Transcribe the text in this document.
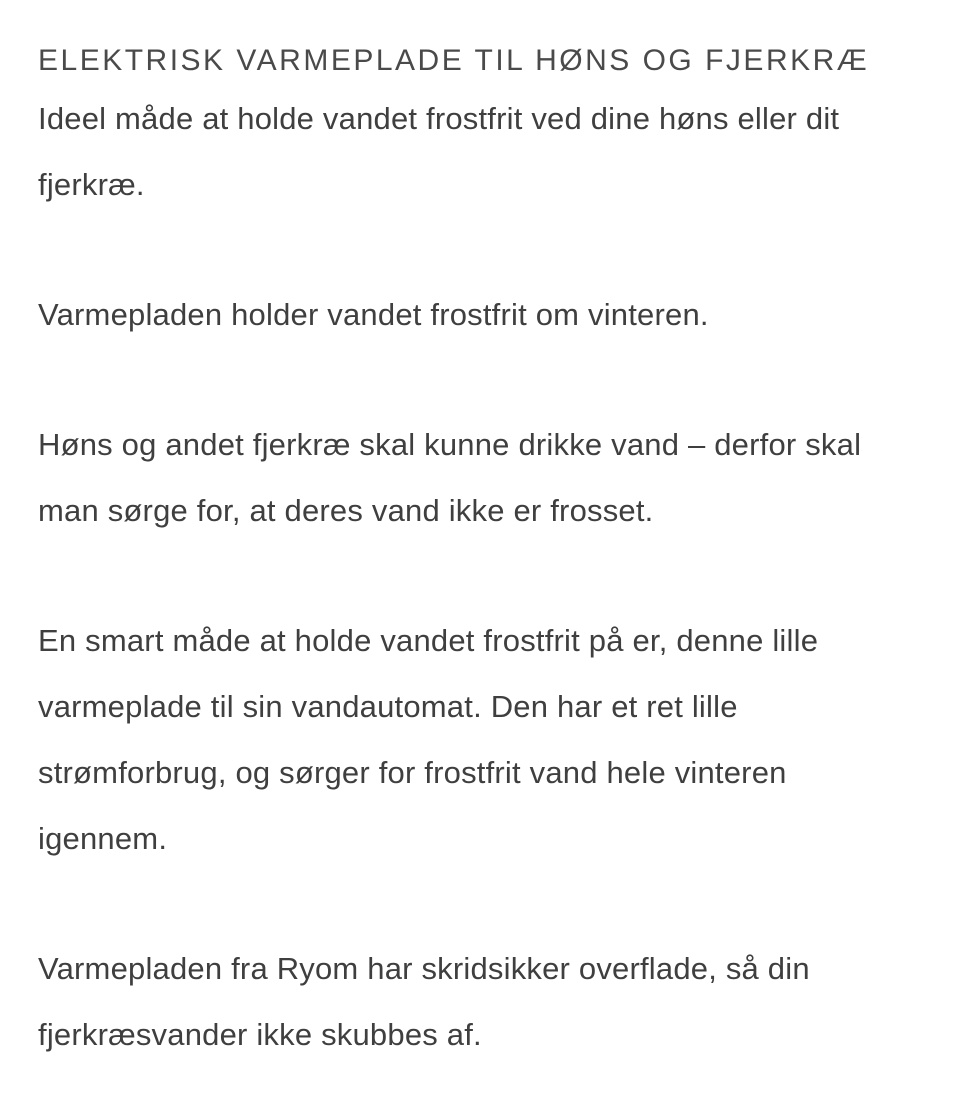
ELEKTRISK VARMEPLADE TIL HØNS OG FJERKRÆ

Ideel måde at holde vandet frostfrit ved dine høns eller dit fjerkræ.

Varmepladen holder vandet frostfrit om vinteren.

Høns og andet fjerkræ skal kunne drikke vand – derfor skal man sørge for, at deres vand ikke er frosset.

En smart måde at holde vandet frostfrit på er, denne lille varmeplade til sin vandautomat. Den har et ret lille strømforbrug, og sørger for frostfrit vand hele vinteren igennem.

Varmepladen fra Ryom har skridsikker overflade, så din fjerkræsvander ikke skubbes af.
